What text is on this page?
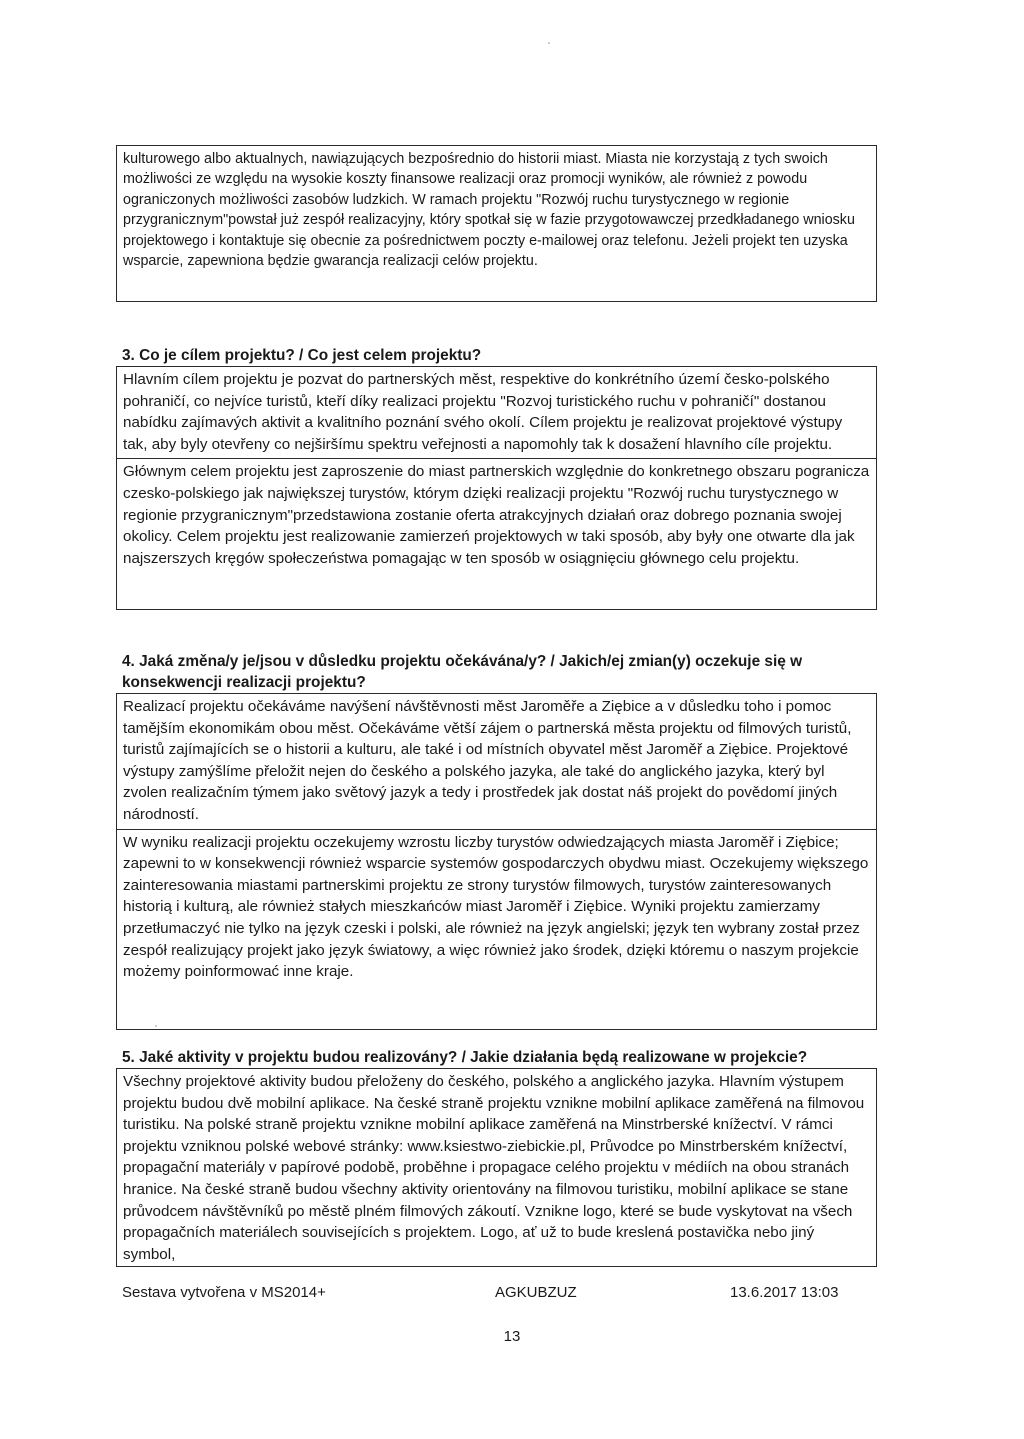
kulturowego albo aktualnych, nawiązujących bezpośrednio do historii miast. Miasta nie korzystają z tych swoich możliwości ze względu na wysokie koszty finansowe realizacji oraz promocji wyników, ale również z powodu ograniczonych możliwości zasobów ludzkich. W ramach projektu "Rozwój ruchu turystycznego w regionie przygranicznym"powstał już zespół realizacyjny, który spotkał się w fazie przygotowawczej przedkładanego wniosku projektowego i kontaktuje się obecnie za pośrednictwem poczty e-mailowej oraz telefonu. Jeżeli projekt ten uzyska wsparcie, zapewniona będzie gwarancja realizacji celów projektu.

3. Co je cílem projektu? / Co jest celem projektu?

Hlavním cílem projektu je pozvat do partnerských měst, respektive do konkrétního území česko-polského pohraničí, co nejvíce turistů, kteří díky realizaci projektu "Rozvoj turistického ruchu v pohraničí" dostanou nabídku zajímavých aktivit a kvalitního poznání svého okolí. Cílem projektu je realizovat projektové výstupy tak, aby byly otevřeny co nejširšímu spektru veřejnosti a napomohly tak k dosažení hlavního cíle projektu.

Głównym celem projektu jest zaproszenie do miast partnerskich względnie do konkretnego obszaru pogranicza czesko-polskiego jak największej turystów, którym dzięki realizacji projektu "Rozwój ruchu turystycznego w regionie przygranicznym"przedstawiona zostanie oferta atrakcyjnych działań oraz dobrego poznania swojej okolicy. Celem projektu jest realizowanie zamierzeń projektowych w taki sposób, aby były one otwarte dla jak najszerszych kręgów społeczeństwa pomagając w ten sposób w osiągnięciu głównego celu projektu.

4. Jaká změna/y je/jsou v důsledku projektu očekávána/y? / Jakich/ej zmian(y) oczekuje się w konsekwencji realizacji projektu?

Realizací projektu očekáváme navýšení návštěvnosti měst Jaroměře a Ziębice a v důsledku toho i pomoc tamějším ekonomikám obou měst. Očekáváme větší zájem o partnerská města projektu od filmových turistů, turistů zajímajících se o historii a kulturu, ale také i od místních obyvatel měst Jaroměř a Ziębice. Projektové výstupy zamýšlíme přeložit nejen do českého a polského jazyka, ale také do anglického jazyka, který byl zvolen realizačním týmem jako světový jazyk a tedy i prostředek jak dostat náš projekt do povědomí jiných národností.

W wyniku realizacji projektu oczekujemy wzrostu liczby turystów odwiedzających miasta Jaroměř i Ziębice; zapewni to w konsekwencji również wsparcie systemów gospodarczych obydwu miast. Oczekujemy większego zainteresowania miastami partnerskimi projektu ze strony turystów filmowych, turystów zainteresowanych historią i kulturą, ale również stałych mieszkańców miast Jaroměř i Ziębice. Wyniki projektu zamierzamy przetłumaczyć nie tylko na język czeski i polski, ale również na język angielski; język ten wybrany został przez zespół realizujący projekt jako język światowy, a więc również jako środek, dzięki któremu o naszym projekcie możemy poinformować inne kraje.

5. Jaké aktivity v projektu budou realizovány? / Jakie działania będą realizowane w projekcie?

Všechny projektové aktivity budou přeloženy do českého, polského a anglického jazyka. Hlavním výstupem projektu budou dvě mobilní aplikace. Na české straně projektu vznikne mobilní aplikace zaměřená na filmovou turistiku. Na polské straně projektu vznikne mobilní aplikace zaměřená na Minstrberské knížectví. V rámci projektu vzniknou polské webové stránky: www.ksiestwo-ziebickie.pl, Průvodce po Minstrberském knížectví, propagační materiály v papírové podobě, proběhne i propagace celého projektu v médiích na obou stranách hranice. Na české straně budou všechny aktivity orientovány na filmovou turistiku, mobilní aplikace se stane průvodcem návštěvníků po městě plném filmových zákoutí. Vznikne logo, které se bude vyskytovat na všech propagačních materiálech souvisejících s projektem. Logo, ať už to bude kreslená postavička nebo jiný symbol,

Sestava vytvořena v MS2014+	AGKUBZUZ	13.6.2017 13:03
13
